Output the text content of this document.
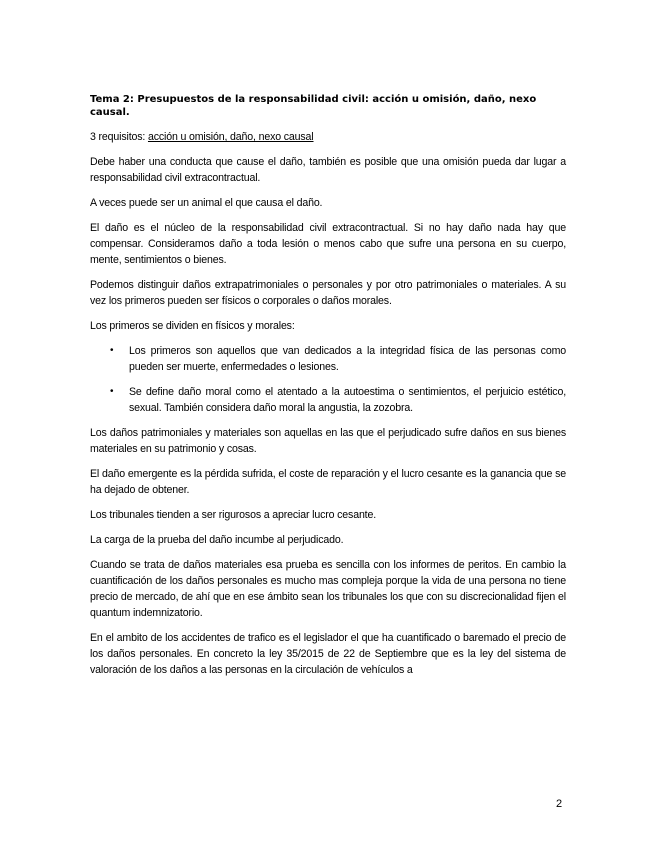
Tema 2: Presupuestos de la responsabilidad civil: acción u omisión, daño, nexo causal.

3 requisitos: acción u omisión, daño, nexo causal

Debe haber una conducta que cause el daño, también es posible que una omisión pueda dar lugar a responsabilidad civil extracontractual.

A veces puede ser un animal el que causa el daño.

El daño es el núcleo de la responsabilidad civil extracontractual. Si no hay daño nada hay que compensar. Consideramos daño a toda lesión o menos cabo que sufre una persona en su cuerpo, mente, sentimientos o bienes.

Podemos distinguir daños extrapatrimoniales o personales y por otro patrimoniales o materiales. A su vez los primeros pueden ser físicos o corporales o daños morales.

Los primeros se dividen en físicos y morales:

• Los primeros son aquellos que van dedicados a la integridad física de las personas como pueden ser muerte, enfermedades o lesiones.
• Se define daño moral como el atentado a la autoestima o sentimientos, el perjuicio estético, sexual. También considera daño moral la angustia, la zozobra.

Los daños patrimoniales y materiales son aquellas en las que el perjudicado sufre daños en sus bienes materiales en su patrimonio y cosas.

El daño emergente es la pérdida sufrida, el coste de reparación y el lucro cesante es la ganancia que se ha dejado de obtener.

Los tribunales tienden a ser rigurosos a apreciar lucro cesante.

La carga de la prueba del daño incumbe al perjudicado.

Cuando se trata de daños materiales esa prueba es sencilla con los informes de peritos. En cambio la cuantificación de los daños personales es mucho mas compleja porque la vida de una persona no tiene precio de mercado, de ahí que en ese ámbito sean los tribunales los que con su discrecionalidad fijen el quantum indemnizatorio.

En el ambito de los accidentes de trafico es el legislador el que ha cuantificado o baremado el precio de los daños personales. En concreto la ley 35/2015 de 22 de Septiembre que es la ley del sistema de valoración de los daños a las personas en la circulación de vehículos a

2
